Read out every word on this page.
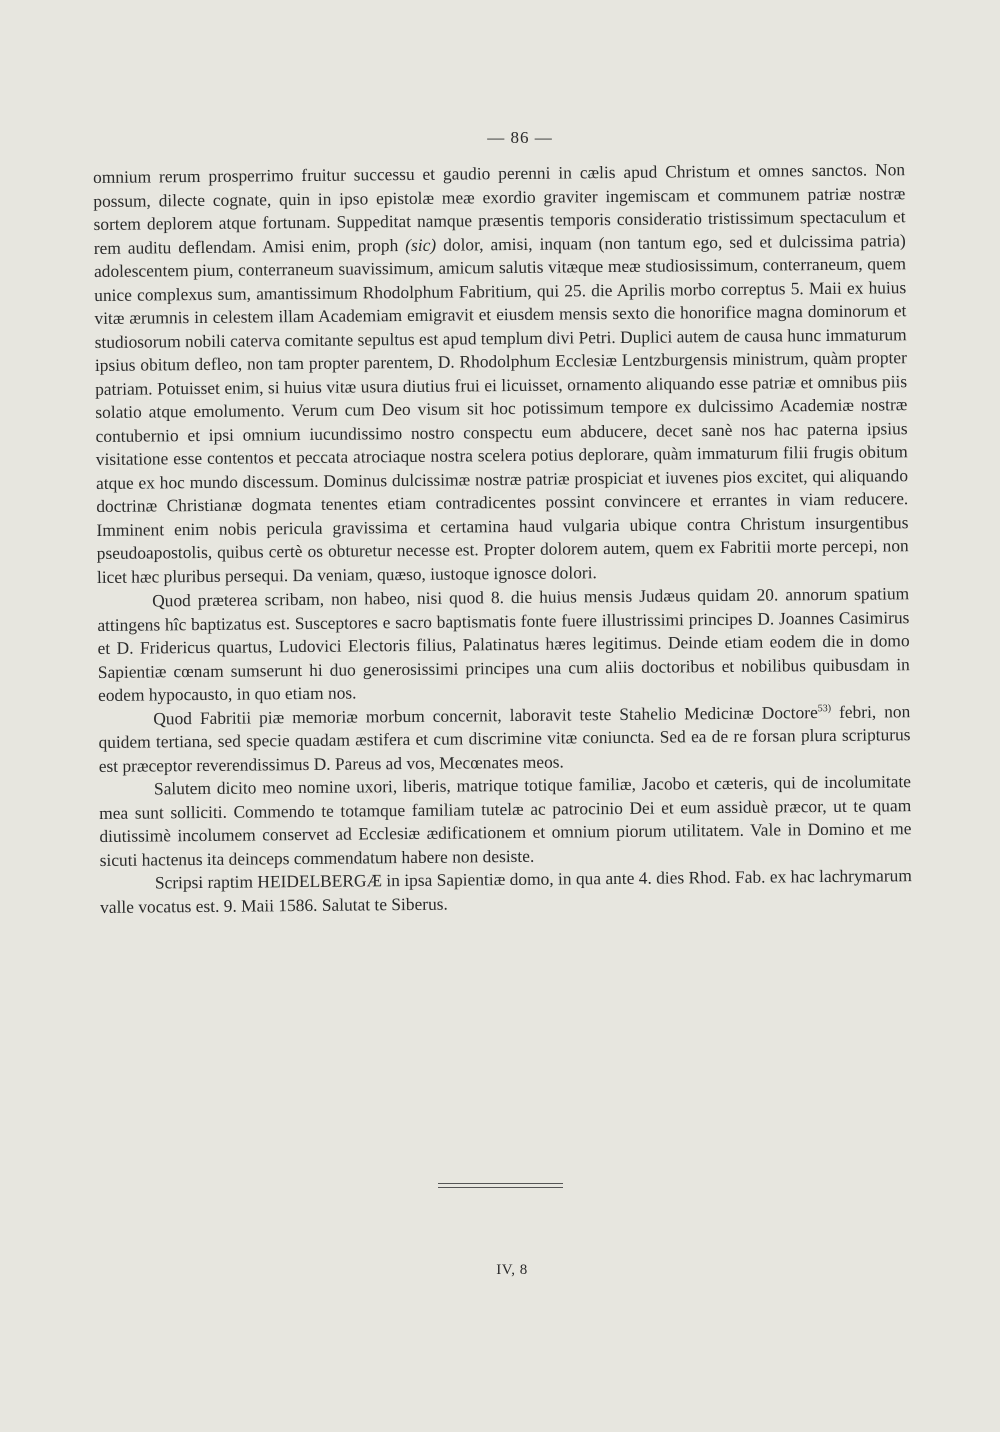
— 86 —

omnium rerum prosperrimo fruitur successu et gaudio perenni in cælis apud Christum et omnes sanctos. Non possum, dilecte cognate, quin in ipso epistolæ meæ exordio graviter ingemiscam et communem patriæ nostræ sortem deplorem atque fortunam. Suppeditat namque præsentis temporis consideratio tristissimum spectaculum et rem auditu deflendam. Amisi enim, proph (sic) dolor, amisi, inquam (non tantum ego, sed et dulcissima patria) adolescentem pium, conterraneum suavissimum, amicum salutis vitæque meæ studiosissimum, conterraneum, quem unice complexus sum, amantissimum Rhodolphum Fabritium, qui 25. die Aprilis morbo correptus 5. Maii ex huius vitæ ærumnis in celestem illam Academiam emigravit et eiusdem mensis sexto die honorifice magna dominorum et studiosorum nobili caterva comitante sepultus est apud templum divi Petri. Duplici autem de causa hunc immaturum ipsius obitum defleo, non tam propter parentem, D. Rhodolphum Ecclesiæ Lentzburgensis ministrum, quàm propter patriam. Potuisset enim, si huius vitæ usura diutius frui ei licuisset, ornamento aliquando esse patriæ et omnibus piis solatio atque emolumento. Verum cum Deo visum sit hoc potissimum tempore ex dulcissimo Academiæ nostræ contubernio et ipsi omnium iucundissimo nostro conspectu eum abducere, decet sanè nos hac paterna ipsius visitatione esse contentos et peccata atrociaque nostra scelera potius deplorare, quàm immaturum filii frugis obitum atque ex hoc mundo discessum. Dominus dulcissimæ nostræ patriæ prospiciat et iuvenes pios excitet, qui aliquando doctrinæ Christianæ dogmata tenentes etiam contradicentes possint convincere et errantes in viam reducere. Imminent enim nobis pericula gravissima et certamina haud vulgaria ubique contra Christum insurgentibus pseudoapostolis, quibus certè os obturetur necesse est. Propter dolorem autem, quem ex Fabritii morte percepi, non licet hæc pluribus persequi. Da veniam, quæso, iustoque ignosce dolori.

Quod præterea scribam, non habeo, nisi quod 8. die huius mensis Judæus quidam 20. annorum spatium attingens hîc baptizatus est. Susceptores e sacro baptismatis fonte fuere illustrissimi principes D. Joannes Casimirus et D. Fridericus quartus, Ludovici Electoris filius, Palatinatus hæres legitimus. Deinde etiam eodem die in domo Sapientiæ cœnam sumserunt hi duo generosissimi principes una cum aliis doctoribus et nobilibus quibusdam in eodem hypocausto, in quo etiam nos.

Quod Fabritii piæ memoriæ morbum concernit, laboravit teste Stahelio Medicinæ Doctore$^{53)}$ febri, non quidem tertiana, sed specie quadam æstifera et cum discrimine vitæ coniuncta. Sed ea de re forsan plura scripturus est præceptor reverendissimus D. Pareus ad vos, Mecœnates meos.

Salutem dicito meo nomine uxori, liberis, matrique totique familiæ, Jacobo et cæteris, qui de incolumitate mea sunt solliciti. Commendo te totamque familiam tutelæ ac patrocinio Dei et eum assiduè præcor, ut te quam diutissimè incolumem conservet ad Ecclesiæ ædificationem et omnium piorum utilitatem. Vale in Domino et me sicuti hactenus ita deinceps commendatum habere non desiste.

Scripsi raptim HEIDELBERGÆ in ipsa Sapientiæ domo, in qua ante 4. dies Rhod. Fab. ex hac lachrymarum valle vocatus est. 9. Maii 1586. Salutat te Siberus.

IV, 8
